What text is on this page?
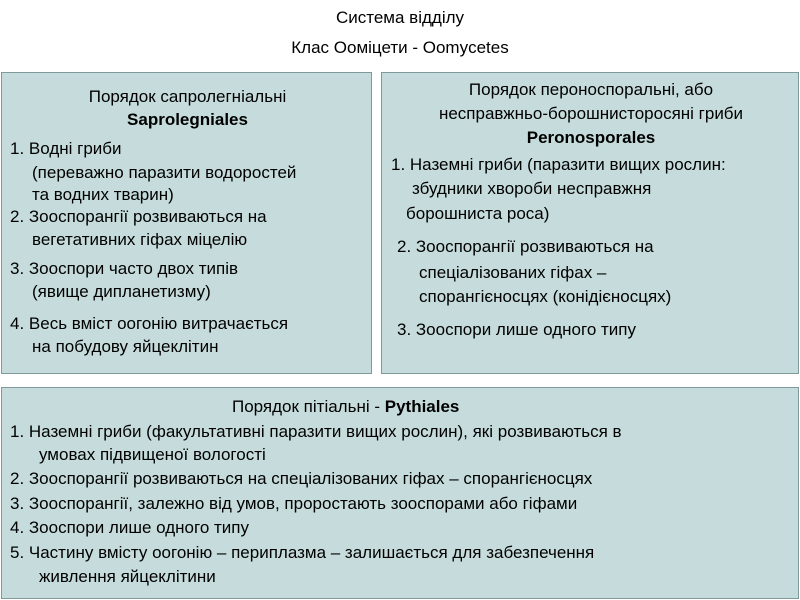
Система відділу
Клас Ооміцети - Oomycetes
Порядок сапролегніальні
Saprolegniales
1. Водні гриби
(переважно паразити водоростей
та водних тварин)
2. Зооспорангії розвиваються на
вегетативних гіфах міцелію
3. Зооспори часто двох типів
(явище дипланетизму)
4. Весь вміст оогонію витрачається
на побудову яйцеклітин
Порядок пероноспоральні, або
несправжньо-борошнисторосяні гриби
Peronosporales
1. Наземні гриби (паразити вищих рослин:
збудники хвороби несправжня
борошниста роса)
2. Зооспорангії розвиваються на
спеціалізованих гіфах –
спорангієносцях (конідієносцях)
3. Зооспори лише одного типу
Порядок пітіальні - Pythiales
1. Наземні гриби (факультативні паразити вищих рослин), які розвиваються в
умовах підвищеної вологості
2. Зооспорангії розвиваються на спеціалізованих гіфах – спорангієносцях
3. Зооспорангії, залежно від умов, проростають зооспорами або гіфами
4. Зооспори лише одного типу
5. Частину вмісту оогонію – периплазма – залишається для забезпечення
живлення яйцеклітини
